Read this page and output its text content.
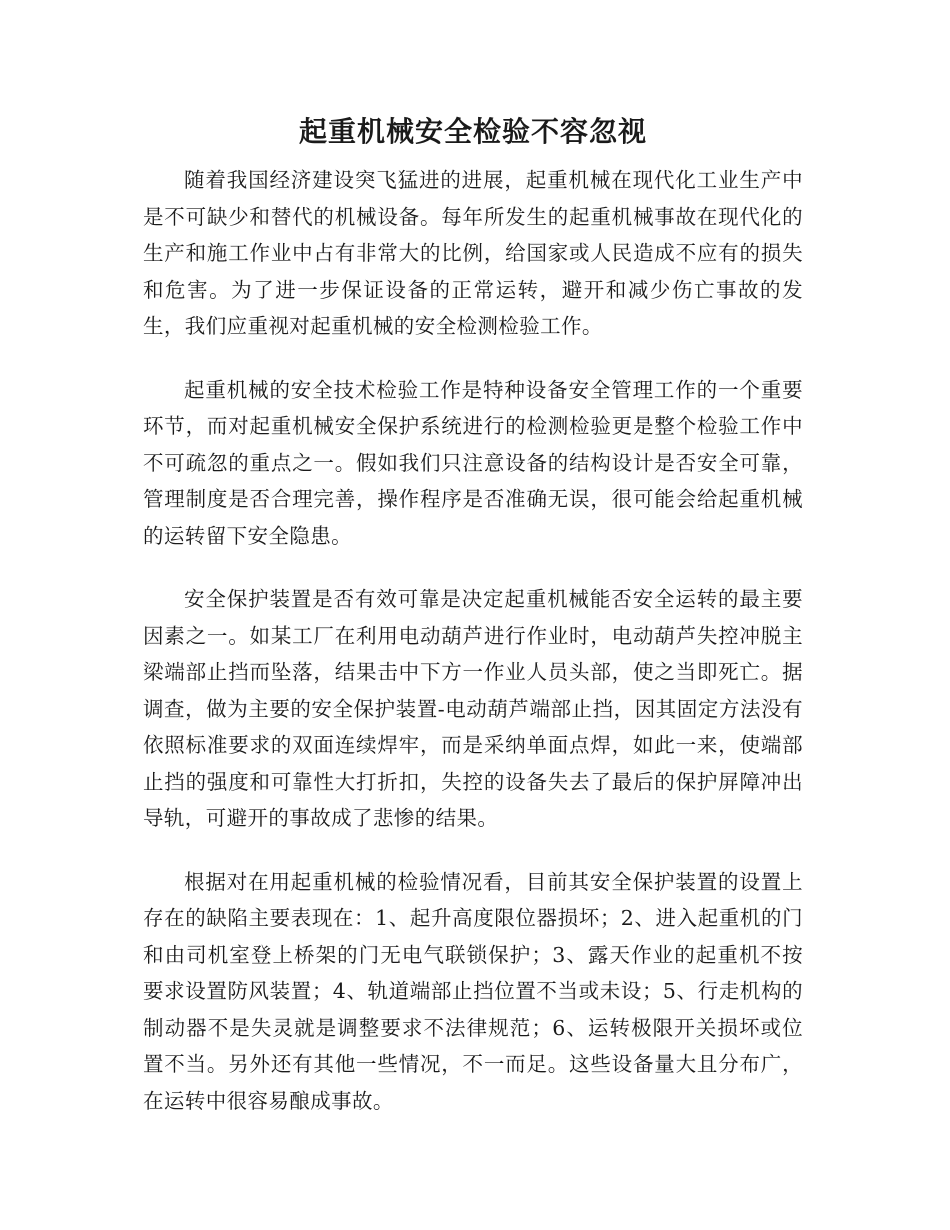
起重机械安全检验不容忽视

随着我国经济建设突飞猛进的进展，起重机械在现代化工业生产中是不可缺少和替代的机械设备。每年所发生的起重机械事故在现代化的生产和施工作业中占有非常大的比例，给国家或人民造成不应有的损失和危害。为了进一步保证设备的正常运转，避开和减少伤亡事故的发生，我们应重视对起重机械的安全检测检验工作。

起重机械的安全技术检验工作是特种设备安全管理工作的一个重要环节，而对起重机械安全保护系统进行的检测检验更是整个检验工作中不可疏忽的重点之一。假如我们只注意设备的结构设计是否安全可靠，管理制度是否合理完善，操作程序是否准确无误，很可能会给起重机械的运转留下安全隐患。

安全保护装置是否有效可靠是决定起重机械能否安全运转的最主要因素之一。如某工厂在利用电动葫芦进行作业时，电动葫芦失控冲脱主梁端部止挡而坠落，结果击中下方一作业人员头部，使之当即死亡。据调查，做为主要的安全保护装置-电动葫芦端部止挡，因其固定方法没有依照标准要求的双面连续焊牢，而是采纳单面点焊，如此一来，使端部止挡的强度和可靠性大打折扣，失控的设备失去了最后的保护屏障冲出导轨，可避开的事故成了悲惨的结果。

根据对在用起重机械的检验情况看，目前其安全保护装置的设置上存在的缺陷主要表现在：1、起升高度限位器损坏；2、进入起重机的门和由司机室登上桥架的门无电气联锁保护；3、露天作业的起重机不按要求设置防风装置；4、轨道端部止挡位置不当或未设；5、行走机构的制动器不是失灵就是调整要求不法律规范；6、运转极限开关损坏或位置不当。另外还有其他一些情况，不一而足。这些设备量大且分布广，在运转中很容易酿成事故。
